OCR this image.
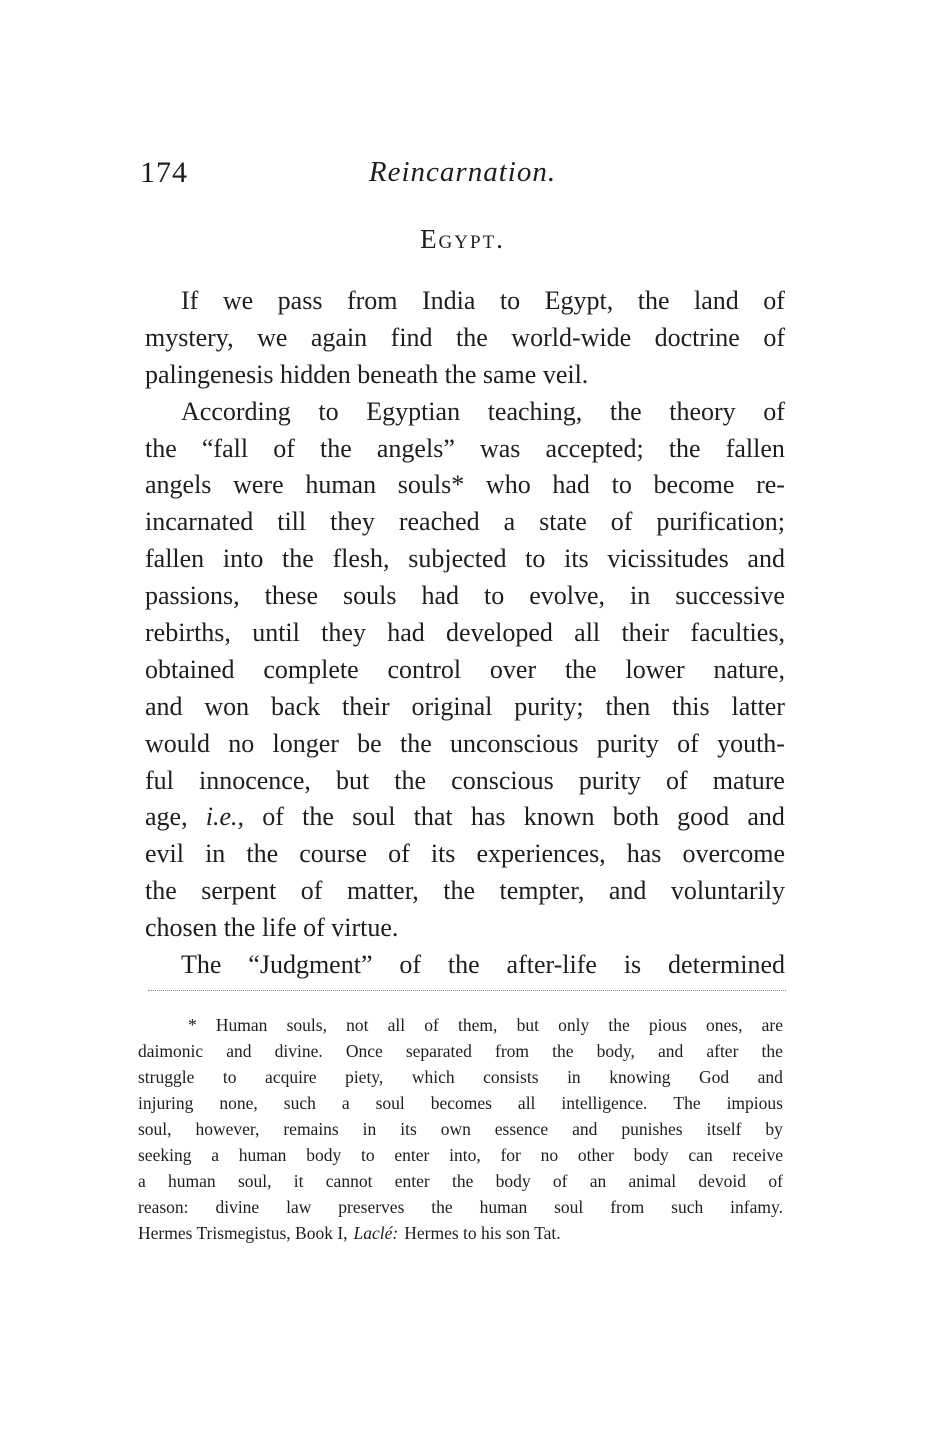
174	Reincarnation.
Egypt.
If we pass from India to Egypt, the land of
mystery, we again find the world-wide doctrine of
palingenesis hidden beneath the same veil.
According to Egyptian teaching, the theory of
the “fall of the angels” was accepted; the fallen
angels were human souls* who had to become re-
incarnated till they reached a state of purification;
fallen into the flesh, subjected to its vicissitudes and
passions, these souls had to evolve, in successive
rebirths, until they had developed all their faculties,
obtained complete control over the lower nature,
and won back their original purity; then this latter
would no longer be the unconscious purity of youth-
ful innocence, but the conscious purity of mature
age, i.e., of the soul that has known both good and
evil in the course of its experiences, has overcome
the serpent of matter, the tempter, and voluntarily
chosen the life of virtue.
The “Judgment” of the after-life is determined
* Human souls, not all of them, but only the pious ones, are
daimonic and divine. Once separated from the body, and after the
struggle to acquire piety, which consists in knowing God and
injuring none, such a soul becomes all intelligence. The impious
soul, however, remains in its own essence and punishes itself by
seeking a human body to enter into, for no other body can receive
a human soul, it cannot enter the body of an animal devoid of
reason: divine law preserves the human soul from such infamy.
Hermes Trismegistus, Book I, Laclé: Hermes to his son Tat.
